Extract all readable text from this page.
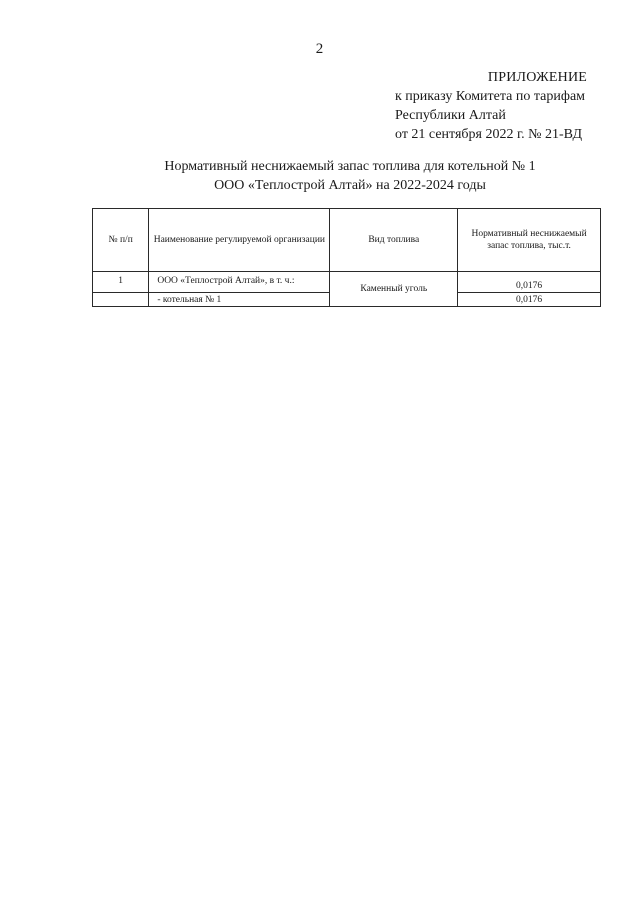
2
ПРИЛОЖЕНИЕ
к приказу Комитета по тарифам
Республики Алтай
от 21 сентября 2022 г. № 21-ВД
Нормативный неснижаемый запас топлива для котельной № 1
ООО «Теплострой Алтай» на 2022-2024 годы
№ п/п	Наименование регулируемой организации	Вид топлива	Нормативный неснижаемый запас топлива, тыс.т.
1	ООО «Теплострой Алтай», в т. ч.:	Каменный уголь	0,0176
	- котельная № 1		0,0176
